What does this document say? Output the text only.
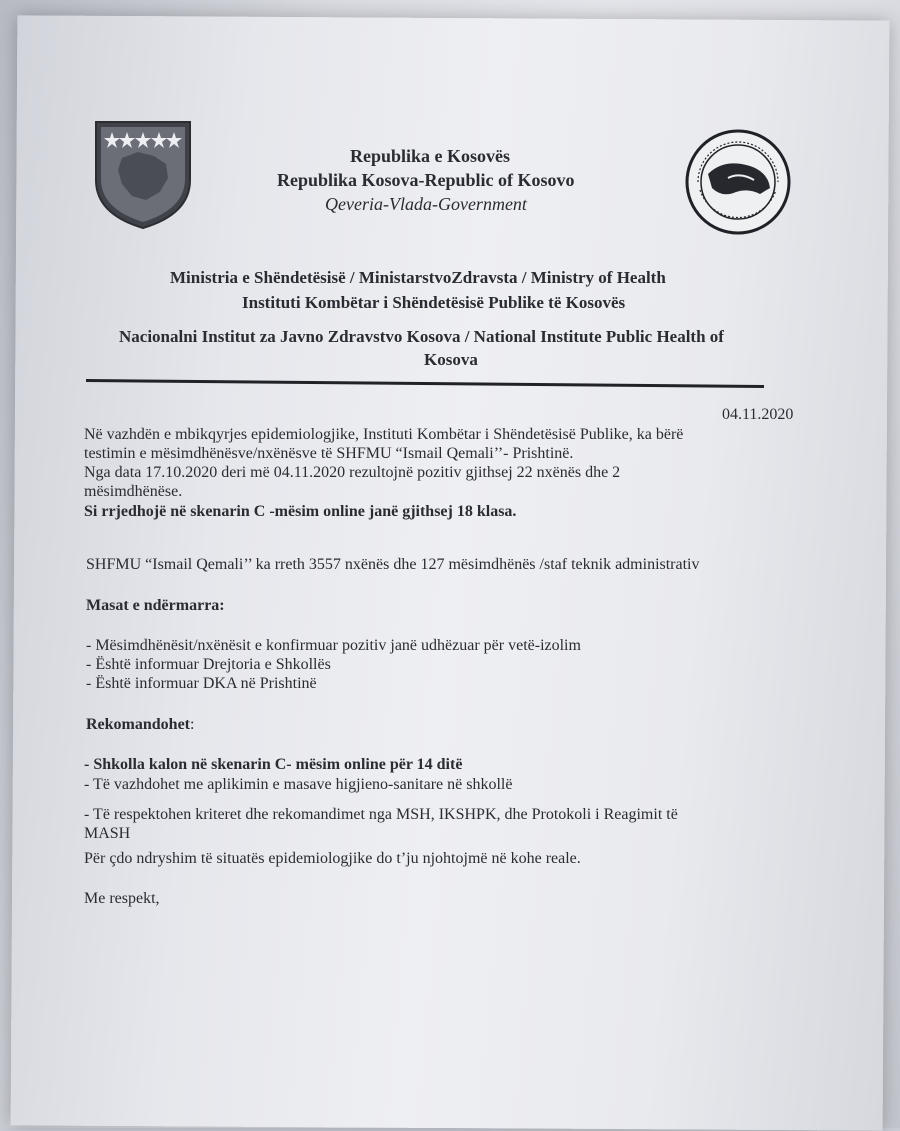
Republika e Kosovës
Republika Kosova-Republic of Kosovo
Qeveria-Vlada-Government
Ministria e Shëndetësisë / MinistarstvoZdravsta / Ministry of Health
Instituti Kombëtar i Shëndetësisë Publike të Kosovës
Nacionalni Institut za Javno Zdravstvo Kosova / National Institute Public Health of
Kosova
04.11.2020
Në vazhdën e mbikqyrjes epidemiologjike, Instituti Kombëtar i Shëndetësisë Publike, ka bërë
testimin e mësimdhënësve/nxënësve të SHFMU “Ismail Qemali’’- Prishtinë.
Nga data 17.10.2020 deri më 04.11.2020 rezultojnë pozitiv gjithsej 22 nxënës dhe 2
mësimdhënëse.
Si rrjedhojë në skenarin C -mësim online janë gjithsej 18 klasa.
SHFMU “Ismail Qemali’’ ka rreth 3557 nxënës dhe 127 mësimdhënës /staf teknik administrativ
Masat e ndërmarra:
- Mësimdhënësit/nxënësit e konfirmuar pozitiv janë udhëzuar për vetë-izolim
- Është informuar Drejtoria e Shkollës
- Është informuar DKA në Prishtinë
Rekomandohet:
- Shkolla kalon në skenarin C- mësim online për 14 ditë
- Të vazhdohet me aplikimin e masave higjieno-sanitare në shkollë
- Të respektohen kriteret dhe rekomandimet nga MSH, IKSHPK, dhe Protokoli i Reagimit të
MASH
Për çdo ndryshim të situatës epidemiologjike do t’ju njohtojmë në kohe reale.
Me respekt,
